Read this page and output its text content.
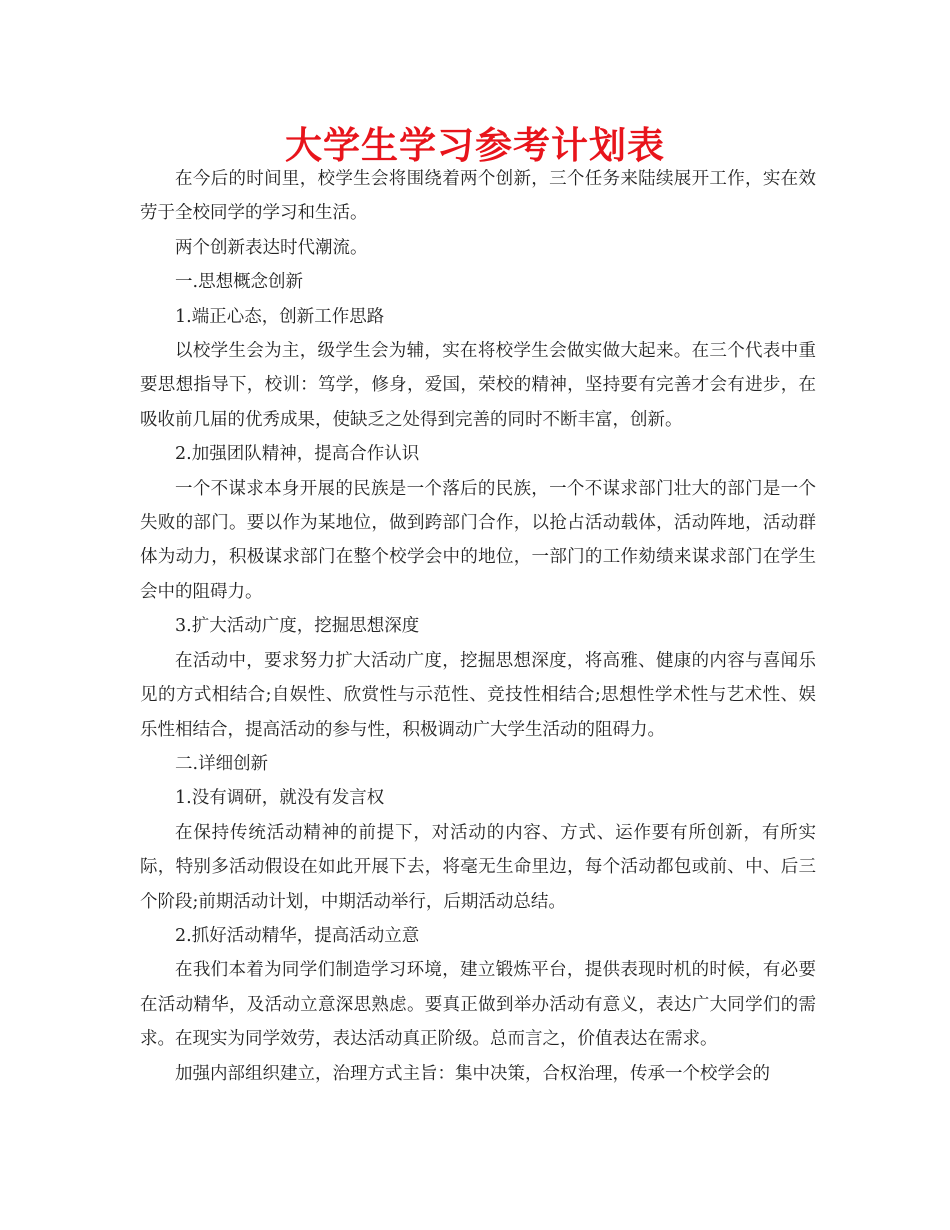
大学生学习参考计划表

在今后的时间里，校学生会将围绕着两个创新，三个任务来陆续展开工作，实在效劳于全校同学的学习和生活。

两个创新表达时代潮流。

一.思想概念创新

1.端正心态，创新工作思路

以校学生会为主，级学生会为辅，实在将校学生会做实做大起来。在三个代表中重要思想指导下，校训：笃学，修身，爱国，荣校的精神，坚持要有完善才会有进步，在吸收前几届的优秀成果，使缺乏之处得到完善的同时不断丰富，创新。

2.加强团队精神，提高合作认识

一个不谋求本身开展的民族是一个落后的民族，一个不谋求部门壮大的部门是一个失败的部门。要以作为某地位，做到跨部门合作，以抢占活动载体，活动阵地，活动群体为动力，积极谋求部门在整个校学会中的地位，一部门的工作劾绩来谋求部门在学生会中的阻碍力。

3.扩大活动广度，挖掘思想深度

在活动中，要求努力扩大活动广度，挖掘思想深度，将高雅、健康的内容与喜闻乐见的方式相结合;自娱性、欣赏性与示范性、竞技性相结合;思想性学术性与艺术性、娱乐性相结合，提高活动的参与性，积极调动广大学生活动的阻碍力。

二.详细创新

1.没有调研，就没有发言权

在保持传统活动精神的前提下，对活动的内容、方式、运作要有所创新，有所实际，特别多活动假设在如此开展下去，将毫无生命里边，每个活动都包或前、中、后三个阶段;前期活动计划，中期活动举行，后期活动总结。

2.抓好活动精华，提高活动立意

在我们本着为同学们制造学习环境，建立锻炼平台，提供表现时机的时候，有必要在活动精华，及活动立意深思熟虑。要真正做到举办活动有意义，表达广大同学们的需求。在现实为同学效劳，表达活动真正阶级。总而言之，价值表达在需求。

加强内部组织建立，治理方式主旨：集中决策，合权治理，传承一个校学会的
